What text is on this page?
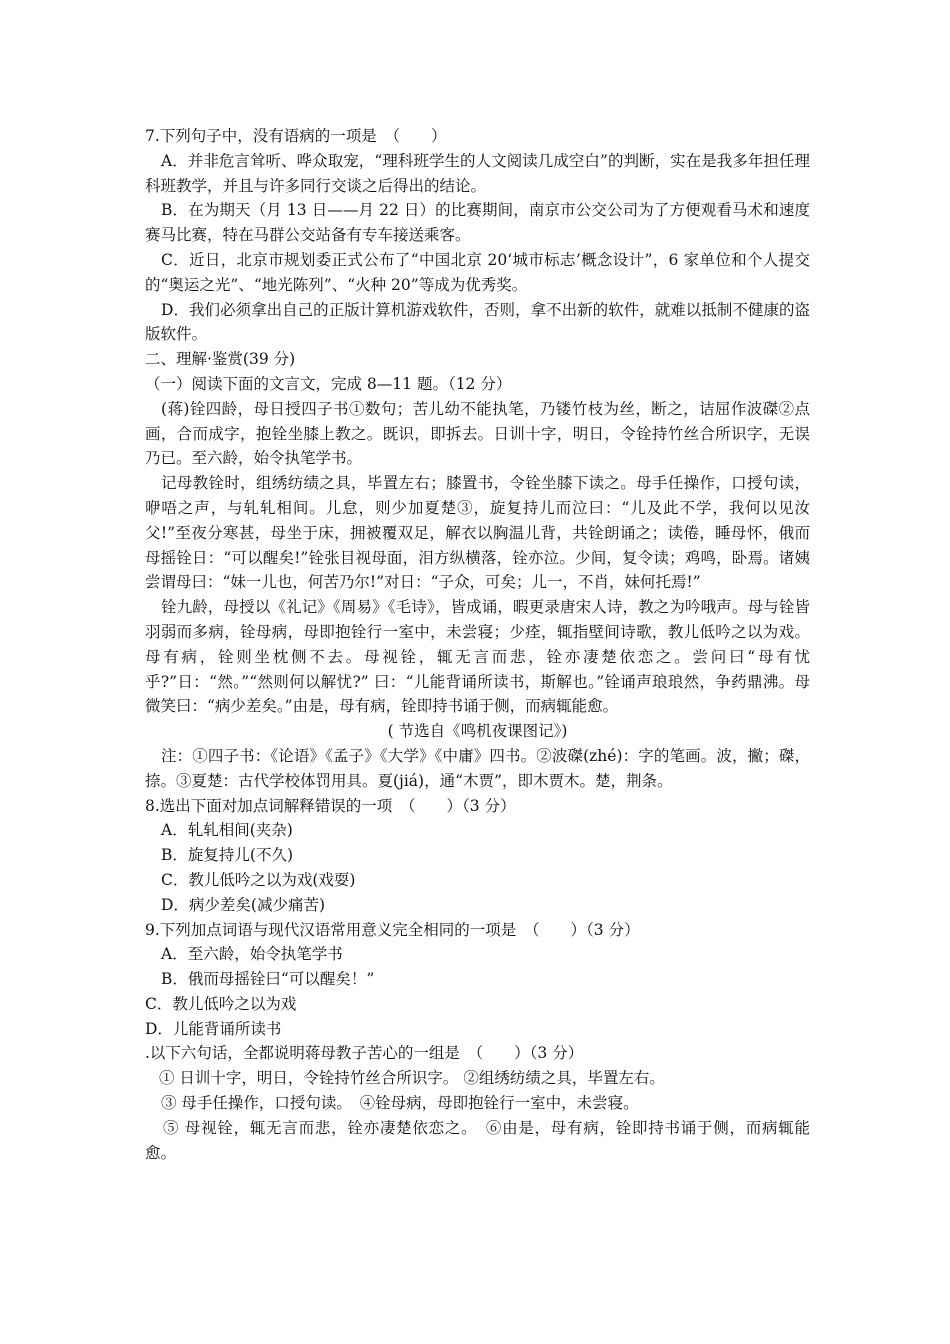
7.下列句子中，没有语病的一项是　（　　）

A．并非危言耸听、哗众取宠，“理科班学生的人文阅读几成空白”的判断，实在是我多年担任理科班教学，并且与许多同行交谈之后得出的结论。

B．在为期天（月 13 日——月 22 日）的比赛期间，南京市公交公司为了方便观看马术和速度赛马比赛，特在马群公交站备有专车接送乘客。

C．近日，北京市规划委正式公布了“中国北京 20‘城市标志’概念设计”，6 家单位和个人提交的“奥运之光”、“地光陈列”、“火种 20”等成为优秀奖。

D．我们必须拿出自己的正版计算机游戏软件，否则，拿不出新的软件，就难以抵制不健康的盗版软件。

二、理解·鉴赏(39 分)

（一）阅读下面的文言文，完成 8—11 题。（12 分）

(蒋)铨四龄，母日授四子书①数句；苦儿幼不能执笔，乃镂竹枝为丝，断之，诘屈作波磔②点画，合而成字，抱铨坐膝上教之。既识，即拆去。日训十字，明日，令铨持竹丝合所识字，无误乃已。至六龄，始令执笔学书。

记母教铨时，组绣纺绩之具，毕置左右；膝置书，令铨坐膝下读之。母手任操作，口授句读，咿唔之声，与轧轧相间。儿怠，则少加夏楚③，旋复持儿而泣曰：“儿及此不学，我何以见汝父!”至夜分寒甚，母坐于床，拥被覆双足，解衣以胸温儿背，共铨朗诵之；读倦，睡母怀，俄而母摇铨日：“可以醒矣!”铨张目视母面，泪方纵横落，铨亦泣。少间，复令读；鸡鸣，卧焉。诸姨尝谓母曰：“妹一儿也，何苦乃尔!”对日：“子众，可矣；儿一，不肖，妹何托焉!”

铨九龄，母授以《礼记》《周易》《毛诗》，皆成诵，暇更录唐宋人诗，教之为吟哦声。母与铨皆羽弱而多病，铨母病，母即抱铨行一室中，未尝寝；少痊，辄指壁间诗歌，教儿低吟之以为戏。母有病，铨则坐枕侧不去。母视铨，辄无言而悲，铨亦凄楚依恋之。尝问曰“母有忧乎?”日：“然。”“然则何以解忧?” 曰：“儿能背诵所读书，斯解也。”铨诵声琅琅然，争药鼎沸。母微笑曰：“病少差矣。”由是，母有病，铨即持书诵于侧，而病辄能愈。

( 节选自《鸣机夜课图记》)

注：①四子书：《论语》《孟子》《大学》《中庸》四书。②波磔(zhé)：字的笔画。波，撇；磔，捺。③夏楚：古代学校体罚用具。夏(jiá)，通“木贾”，即木贾木。楚，荆条。

8.选出下面对加点词解释错误的一项　（　　）（3 分）

A．轧轧相间(夹杂)

B．旋复持儿(不久)

C．教儿低吟之以为戏(戏耍)

D．病少差矣(减少痛苦)

9.下列加点词语与现代汉语常用意义完全相同的一项是　（　　）（3 分）

A．至六龄，始令执笔学书

B．俄而母摇铨曰“可以醒矣！”

C．教儿低吟之以为戏

D．儿能背诵所读书

.以下六句话，全都说明蒋母教子苦心的一组是　（　　）（3 分）

① 日训十字，明日，令铨持竹丝合所识字。 ②组绣纺绩之具，毕置左右。

③ 母手任操作，口授句读。　④铨母病，母即抱铨行一室中，未尝寝。

⑤ 母视铨，辄无言而悲，铨亦凄楚依恋之。　⑥由是，母有病，铨即持书诵于侧，而病辄能愈。
